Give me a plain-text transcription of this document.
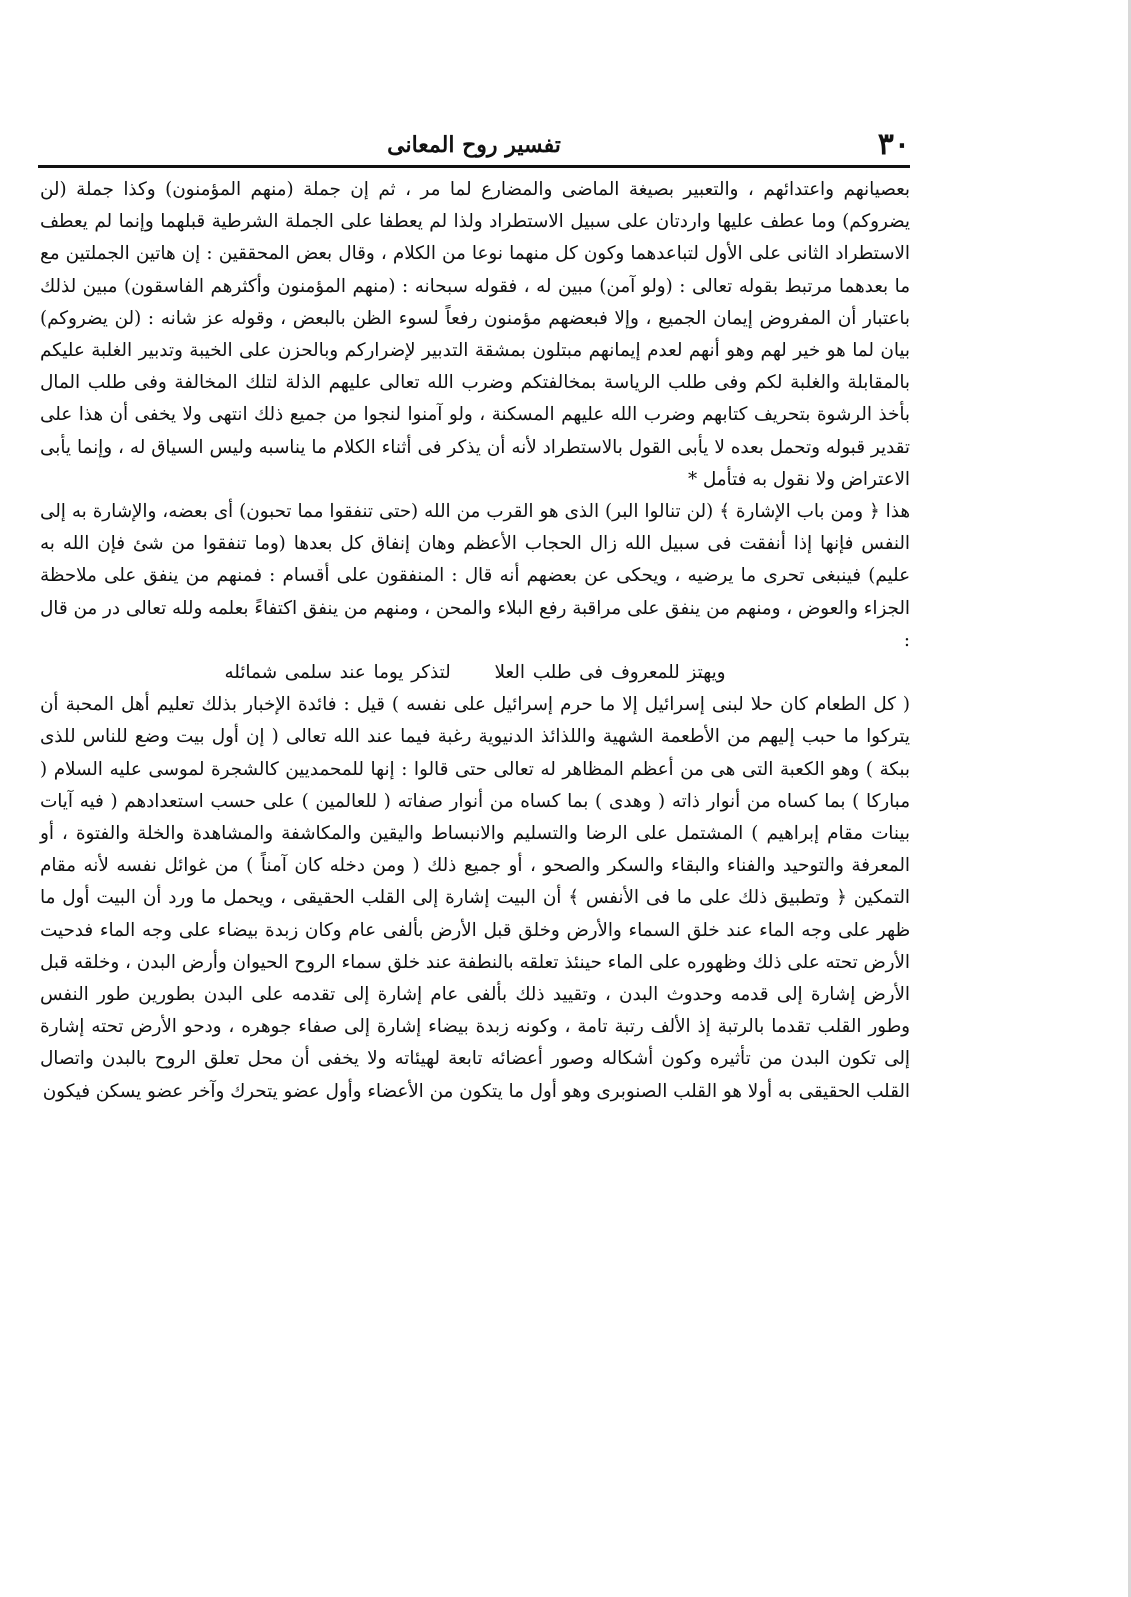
٣٠
تفسير روح المعانى

بعصيانهم واعتدائهم ، والتعبير بصيغة الماضى والمضارع لما مر ، ثم إن جملة (منهم المؤمنون) وكذا جملة (لن يضروكم) وما عطف عليها واردتان على سبيل الاستطراد ولذا لم يعطفا على الجملة الشرطية قبلهما وإنما لم يعطف الاستطراد الثانى على الأول لتباعدهما وكون كل منهما نوعا من الكلام ، وقال بعض المحققين : إن هاتين الجملتين مع ما بعدهما مرتبط بقوله تعالى : (ولو آمن) مبين له ، فقوله سبحانه : (منهم المؤمنون وأكثرهم الفاسقون) مبين لذلك باعتبار أن المفروض إيمان الجميع ، وإلا فبعضهم مؤمنون رفعاً لسوء الظن بالبعض ، وقوله عز شانه : (لن يضروكم) بيان لما هو خير لهم وهو أنهم لعدم إيمانهم مبتلون بمشقة التدبير لإضراركم وبالحزن على الخيبة وتدبير الغلبة عليكم بالمقابلة والغلبة لكم وفى طلب الرياسة بمخالفتكم وضرب الله تعالى عليهم الذلة لتلك المخالفة وفى طلب المال بأخذ الرشوة بتحريف كتابهم وضرب الله عليهم المسكنة ، ولو آمنوا لنجوا من جميع ذلك انتهى ولا يخفى أن هذا على تقدير قبوله وتحمل بعده لا يأبى القول بالاستطراد لأنه أن يذكر فى أثناء الكلام ما يناسبه وليس السياق له ، وإنما يأبى الاعتراض ولا نقول به فتأمل *

هذا ﴿ ومن باب الإشارة ﴾ (لن تنالوا البر) الذى هو القرب من الله (حتى تنفقوا مما تحبون) أى بعضه، والإشارة به إلى النفس فإنها إذا أنفقت فى سبيل الله زال الحجاب الأعظم وهان إنفاق كل بعدها (وما تنفقوا من شئ فإن الله به عليم) فينبغى تحرى ما يرضيه ، ويحكى عن بعضهم أنه قال : المنفقون على أقسام : فمنهم من ينفق على ملاحظة الجزاء والعوض ، ومنهم من ينفق على مراقبة رفع البلاء والمحن ، ومنهم من ينفق اكتفاءً بعلمه ولله تعالى در من قال :

ويهتز للمعروف فى طلب العلا لتذكر يوما عند سلمى شمائله

( كل الطعام كان حلا لبنى إسرائيل إلا ما حرم إسرائيل على نفسه ) قيل : فائدة الإخبار بذلك تعليم أهل المحبة أن يتركوا ما حبب إليهم من الأطعمة الشهية واللذائذ الدنيوية رغبة فيما عند الله تعالى ( إن أول بيت وضع للناس للذى ببكة ) وهو الكعبة التى هى من أعظم المظاهر له تعالى حتى قالوا : إنها للمحمديين كالشجرة لموسى عليه السلام ( مباركا ) بما كساه من أنوار ذاته ( وهدى ) بما كساه من أنوار صفاته ( للعالمين ) على حسب استعدادهم ( فيه آيات بينات مقام إبراهيم ) المشتمل على الرضا والتسليم والانبساط واليقين والمكاشفة والمشاهدة والخلة والفتوة ، أو المعرفة والتوحيد والفناء والبقاء والسكر والصحو ، أو جميع ذلك ( ومن دخله كان آمناً ) من غوائل نفسه لأنه مقام التمكين ﴿ وتطبيق ذلك على ما فى الأنفس ﴾ أن البيت إشارة إلى القلب الحقيقى ، ويحمل ما ورد أن البيت أول ما ظهر على وجه الماء عند خلق السماء والأرض وخلق قبل الأرض بألفى عام وكان زبدة بيضاء على وجه الماء فدحيت الأرض تحته على ذلك وظهوره على الماء حينئذ تعلقه بالنطفة عند خلق سماء الروح الحيوان وأرض البدن ، وخلقه قبل الأرض إشارة إلى قدمه وحدوث البدن ، وتقييد ذلك بألفى عام إشارة إلى تقدمه على البدن بطورين طور النفس وطور القلب تقدما بالرتبة إذ الألف رتبة تامة ، وكونه زبدة بيضاء إشارة إلى صفاء جوهره ، ودحو الأرض تحته إشارة إلى تكون البدن من تأثيره وكون أشكاله وصور أعضائه تابعة لهيئاته ولا يخفى أن محل تعلق الروح بالبدن واتصال القلب الحقيقى به أولا هو القلب الصنوبرى وهو أول ما يتكون من الأعضاء وأول عضو يتحرك وآخر عضو يسكن فيكون
